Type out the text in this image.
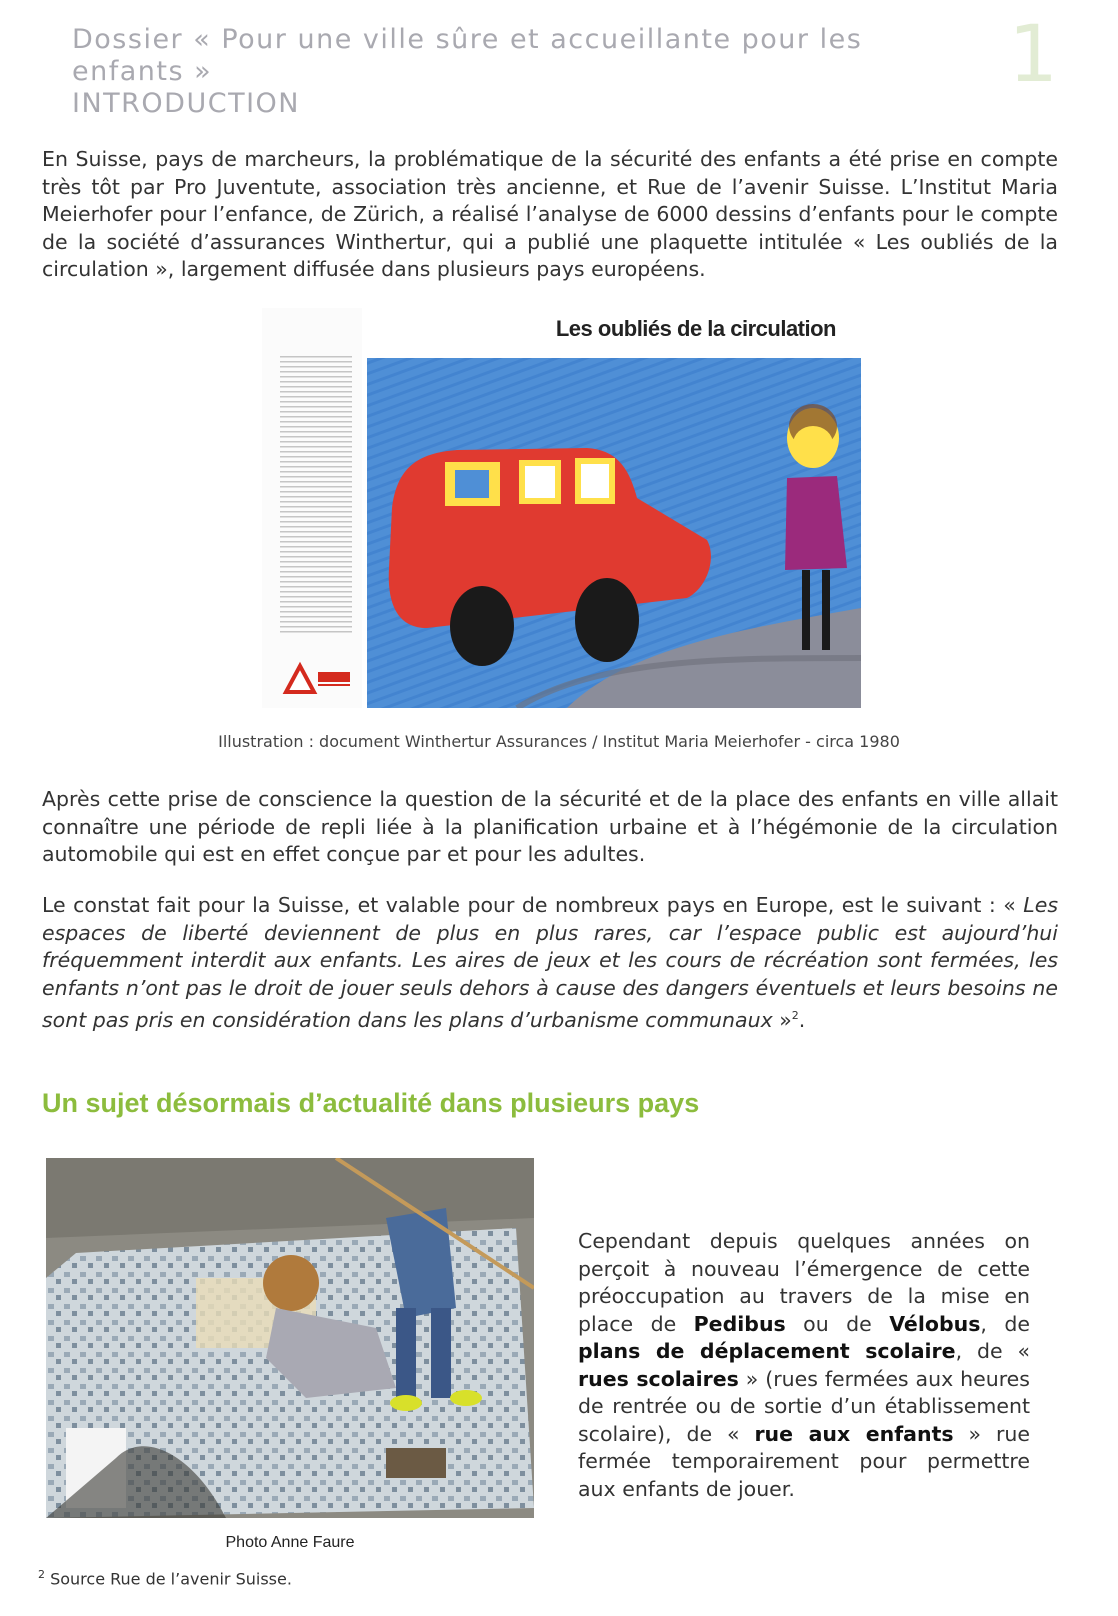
Dossier « Pour une ville sûre et accueillante pour les enfants »

INTRODUCTION

1

En Suisse, pays de marcheurs, la problématique de la sécurité des enfants a été prise en compte très tôt par Pro Juventute, association très ancienne, et Rue de l’avenir Suisse. L’Institut Maria Meierhofer pour l’enfance, de Zürich, a réalisé l’analyse de 6000 dessins d’enfants pour le compte de la société d’assurances Winthertur, qui a publié une plaquette intitulée « Les oubliés de la circulation », largement diffusée dans plusieurs pays européens.

Les oubliés de la circulation

Illustration : document Winthertur Assurances / Institut Maria Meierhofer - circa 1980

Après cette prise de conscience la question de la sécurité et de la place des enfants en ville allait connaître une période de repli liée à la planification urbaine et à l’hégémonie de la circulation automobile qui est en effet conçue par et pour les adultes.

Le constat fait pour la Suisse, et valable pour de nombreux pays en Europe, est le suivant : « Les espaces de liberté deviennent de plus en plus rares, car l’espace public est aujourd’hui fréquemment interdit aux enfants. Les aires de jeux et les cours de récréation sont fermées, les enfants n’ont pas le droit de jouer seuls dehors à cause des dangers éventuels et leurs besoins ne sont pas pris en considération dans les plans d’urbanisme communaux »$^2$.

Un sujet désormais d’actualité dans plusieurs pays

Photo Anne Faure

Cependant depuis quelques années on perçoit à nouveau l’émergence de cette préoccupation au travers de la mise en place de Pedibus ou de Vélobus, de plans de déplacement scolaire, de « rues scolaires » (rues fermées aux heures de rentrée ou de sortie d’un établissement scolaire), de « rue aux enfants » rue fermée temporairement pour permettre aux enfants de jouer.

$^2$ Source Rue de l’avenir Suisse.
